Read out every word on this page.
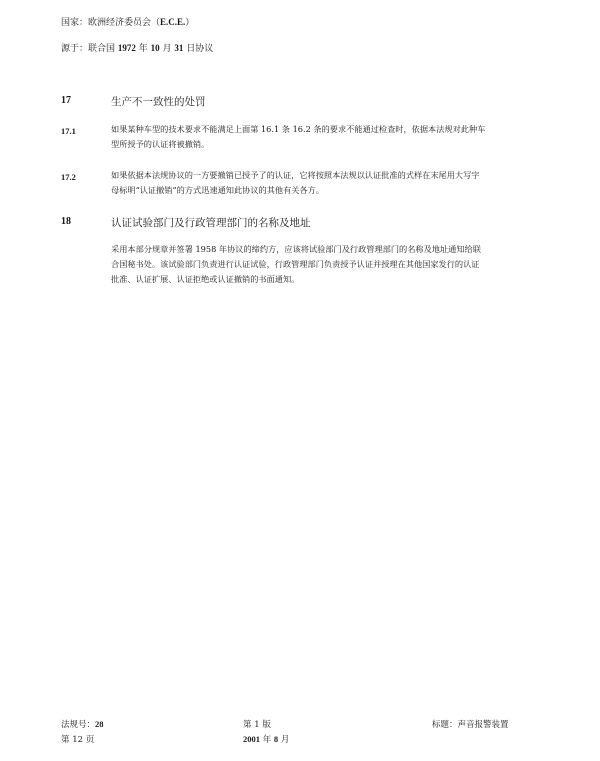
国家：欧洲经济委员会（E.C.E.）
源于：联合国 1972 年 10 月 31 日协议
17	生产不一致性的处罚
17.1	如果某种车型的技术要求不能满足上面第 16.1 条 16.2 条的要求不能通过检查时，依据本法规对此种车
型所授予的认证将被撤销。
17.2	如果依据本法规协议的一方要撤销已授予了的认证，它将按照本法规以认证批准的式样在末尾用大写字
母标明“认证撤销”的方式迅速通知此协议的其他有关各方。
18	认证试验部门及行政管理部门的名称及地址
采用本部分规章并签署 1958 年协议的缔约方，应该将试验部门及行政管理部门的名称及地址通知给联
合国秘书处。该试验部门负责进行认证试验，行政管理部门负责授予认证并授理在其他国家发行的认证
批准、认证扩展、认证拒绝或认证撤销的书面通知。
法规号：28
第 12 页
第 1 版
2001 年 8 月
标题：声音报警装置
